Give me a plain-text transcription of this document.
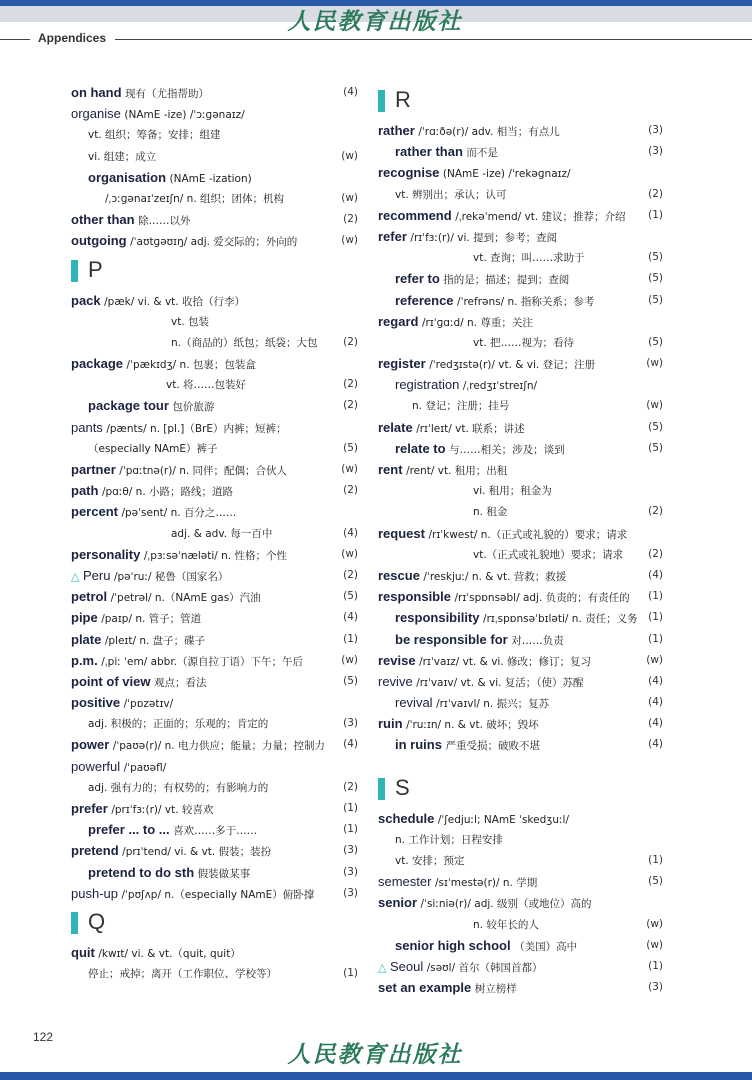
人民教育出版社
Appendices
on hand 现有（尤指帮助）	(4)
organise (NAmE -ize) /ˈɔːɡənaɪz/
vt. 组织；筹备；安排；组建
vi. 组建；成立	(w)
organisation (NAmE -ization)
/ˌɔːɡənaɪˈzeɪʃn/ n. 组织；团体；机构	(w)
other than 除……以外	(2)
outgoing /ˈaʊtɡəʊɪŋ/ adj. 爱交际的；外向的	(w)
P
pack /pæk/ vi. & vt. 收拾（行李）
vt. 包装
n.（商品的）纸包；纸袋；大包 (2)
package /ˈpækɪdʒ/ n. 包裹；包装盒
vt. 将……包装好	(2)
package tour 包价旅游	(2)
pants /pænts/ n. [pl.]（BrE）内裤；短裤；
（especially NAmE）裤子	(5)
partner /ˈpɑːtnə(r)/ n. 同伴；配偶；合伙人	(w)
path /pɑːθ/ n. 小路；路线；道路	(2)
percent /pəˈsent/ n. 百分之……
adj. & adv. 每一百中	(4)
personality /ˌpɜːsəˈnæləti/ n. 性格；个性	(w)
△ Peru /pəˈruː/ 秘鲁（国家名）	(2)
petrol /ˈpetrəl/ n.（NAmE gas）汽油	(5)
pipe /paɪp/ n. 管子；管道	(4)
plate /pleɪt/ n. 盘子；碟子	(1)
p.m. /ˌpiː ˈem/ abbr.（源自拉丁语）下午；午后	(w)
point of view 观点；看法	(5)
positive /ˈpɒzətɪv/
adj. 积极的；正面的；乐观的；肯定的	(3)
power /ˈpaʊə(r)/ n. 电力供应；能量；力量；控制力 (4)
powerful /ˈpaʊəfl/
adj. 强有力的；有权势的；有影响力的	(2)
prefer /prɪˈfɜː(r)/ vt. 较喜欢	(1)
prefer ... to ... 喜欢……多于……	(1)
pretend /prɪˈtend/ vi. & vt. 假装；装扮	(3)
pretend to do sth 假装做某事	(3)
push-up /ˈpʊʃʌp/ n.（especially NAmE）俯卧撑	(3)
Q
quit /kwɪt/ vi. & vt.（quit, quit）
停止；戒掉；离开（工作职位、学校等）	(1)
R
rather /ˈrɑːðə(r)/ adv. 相当；有点儿	(3)
rather than 而不是	(3)
recognise (NAmE -ize) /ˈrekəɡnaɪz/
vt. 辨别出；承认；认可	(2)
recommend /ˌrekəˈmend/ vt. 建议；推荐；介绍 (1)
refer /rɪˈfɜː(r)/ vi. 提到；参考；查阅
vt. 查询；叫……求助于	(5)
refer to 指的是；描述；提到；查阅	(5)
reference /ˈrefrəns/ n. 指称关系；参考	(5)
regard /rɪˈɡɑːd/ n. 尊重；关注
vt. 把……视为；看待	(5)
register /ˈredʒɪstə(r)/ vt. & vi. 登记；注册	(w)
registration /ˌredʒɪˈstreɪʃn/
n. 登记；注册；挂号	(w)
relate /rɪˈleɪt/ vt. 联系；讲述	(5)
relate to 与……相关；涉及；谈到	(5)
rent /rent/ vt. 租用；出租
vi. 租用；租金为
n. 租金	(2)
request /rɪˈkwest/ n.（正式或礼貌的）要求；请求
vt.（正式或礼貌地）要求；请求 (2)
rescue /ˈreskjuː/ n. & vt. 营救；救援	(4)
responsible /rɪˈspɒnsəbl/ adj. 负责的；有责任的 (1)
responsibility /rɪˌspɒnsəˈbɪləti/ n. 责任；义务 (1)
be responsible for 对……负责	(1)
revise /rɪˈvaɪz/ vt. & vi. 修改；修订；复习	(w)
revive /rɪˈvaɪv/ vt. & vi. 复活；（使）苏醒	(4)
revival /rɪˈvaɪvl/ n. 振兴；复苏	(4)
ruin /ˈruːɪn/ n. & vt. 破坏；毁坏	(4)
in ruins 严重受损；破败不堪	(4)
S
schedule /ˈʃedjuːl; NAmE ˈskedʒuːl/
n. 工作计划；日程安排
vt. 安排；预定	(1)
semester /sɪˈmestə(r)/ n. 学期	(5)
senior /ˈsiːniə(r)/ adj. 级别（或地位）高的
n. 较年长的人	(w)
senior high school （美国）高中	(w)
△ Seoul /səʊl/ 首尔（韩国首都）	(1)
set an example 树立榜样	(3)
122
人民教育出版社
